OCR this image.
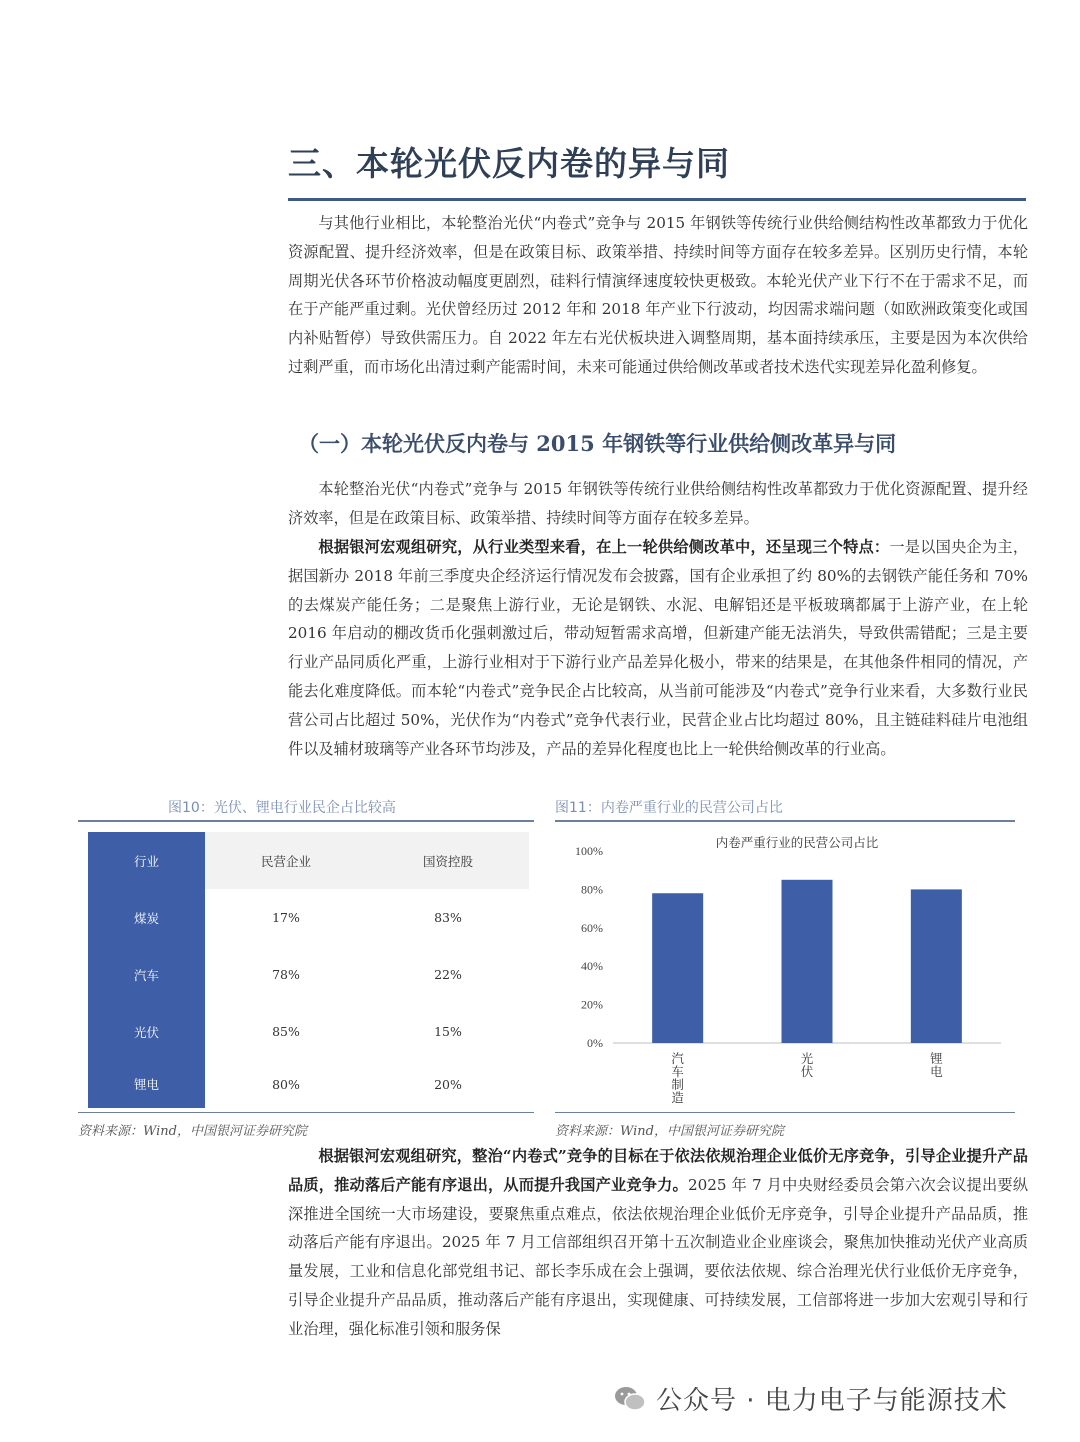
三、本轮光伏反内卷的异与同

与其他行业相比，本轮整治光伏“内卷式”竞争与 2015 年钢铁等传统行业供给侧结构性改革都致力于优化资源配置、提升经济效率，但是在政策目标、政策举措、持续时间等方面存在较多差异。区别历史行情，本轮周期光伏各环节价格波动幅度更剧烈，硅料行情演绎速度较快更极致。本轮光伏产业下行不在于需求不足，而在于产能严重过剩。光伏曾经历过 2012 年和 2018 年产业下行波动，均因需求端问题（如欧洲政策变化或国内补贴暂停）导致供需压力。自 2022 年左右光伏板块进入调整周期，基本面持续承压，主要是因为本次供给过剩严重，而市场化出清过剩产能需时间，未来可能通过供给侧改革或者技术迭代实现差异化盈利修复。

（一）本轮光伏反内卷与 2015 年钢铁等行业供给侧改革异与同

本轮整治光伏“内卷式”竞争与 2015 年钢铁等传统行业供给侧结构性改革都致力于优化资源配置、提升经济效率，但是在政策目标、政策举措、持续时间等方面存在较多差异。

根据银河宏观组研究，从行业类型来看，在上一轮供给侧改革中，还呈现三个特点：一是以国央企为主，据国新办 2018 年前三季度央企经济运行情况发布会披露，国有企业承担了约 80%的去钢铁产能任务和 70%的去煤炭产能任务；二是聚焦上游行业，无论是钢铁、水泥、电解铝还是平板玻璃都属于上游产业，在上轮 2016 年启动的棚改货币化强刺激过后，带动短暂需求高增，但新建产能无法消失，导致供需错配；三是主要行业产品同质化严重，上游行业相对于下游行业产品差异化极小，带来的结果是，在其他条件相同的情况，产能去化难度降低。而本轮“内卷式”竞争民企占比较高，从当前可能涉及“内卷式”竞争行业来看，大多数行业民营公司占比超过 50%，光伏作为“内卷式”竞争代表行业，民营企业占比均超过 80%，且主链硅料硅片电池组件以及辅材玻璃等产业各环节均涉及，产品的差异化程度也比上一轮供给侧改革的行业高。

图10：光伏、锂电行业民企占比较高
行业	民营企业	国资控股
煤炭	17%	83%
汽车	78%	22%
光伏	85%	15%
锂电	80%	20%
资料来源：Wind，中国银河证券研究院
图11：内卷严重行业的民营公司占比
内卷严重行业的民营公司占比
0%
20%
40%
60%
80%
100%
汽车制造
光伏
锂电
资料来源：Wind，中国银河证券研究院

根据银河宏观组研究，整治“内卷式”竞争的目标在于依法依规治理企业低价无序竞争，引导企业提升产品品质，推动落后产能有序退出，从而提升我国产业竞争力。2025 年 7 月中央财经委员会第六次会议提出要纵深推进全国统一大市场建设，要聚焦重点难点，依法依规治理企业低价无序竞争，引导企业提升产品品质，推动落后产能有序退出。2025 年 7 月工信部组织召开第十五次制造业企业座谈会，聚焦加快推动光伏产业高质量发展，工业和信息化部党组书记、部长李乐成在会上强调，要依法依规、综合治理光伏行业低价无序竞争，引导企业提升产品品质，推动落后产能有序退出，实现健康、可持续发展，工信部将进一步加大宏观引导和行业治理，强化标准引领和服务保

公众号 · 电力电子与能源技术
